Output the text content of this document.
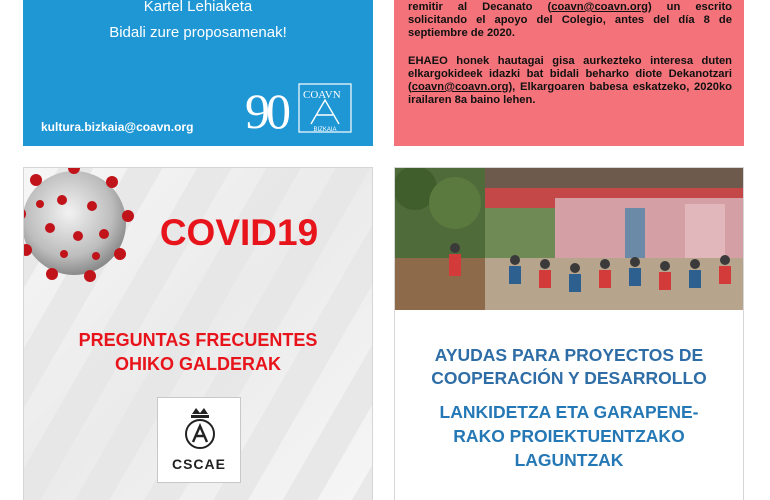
Kartel Lehiaketa
Bidali zure proposamenak!
kultura.bizkaia@coavn.org 90 COAVN
BIZKAIA

remitir al Decanato (coavn@coavn.org) un escrito solicitando el apoyo del Colegio, antes del día 8 de septiembre de 2020.

EHAEO honek hautagai gisa aurkezteko interesa duten elkargokideek idazki bat bidali beharko diote Dekanotzari (coavn@coavn.org), Elkargoaren babesa eskatzeko, 2020ko irailaren 8a baino lehen.

COVID19
PREGUNTAS FRECUENTES
OHIKO GALDERAK
CSCAE
AYUDAS PARA PROYECTOS DE
COOPERACIÓN Y DESARROLLO
LANKIDETZA ETA GARAPENE-
RAKO PROIEKTUENTZAKO
LAGUNTZAK
